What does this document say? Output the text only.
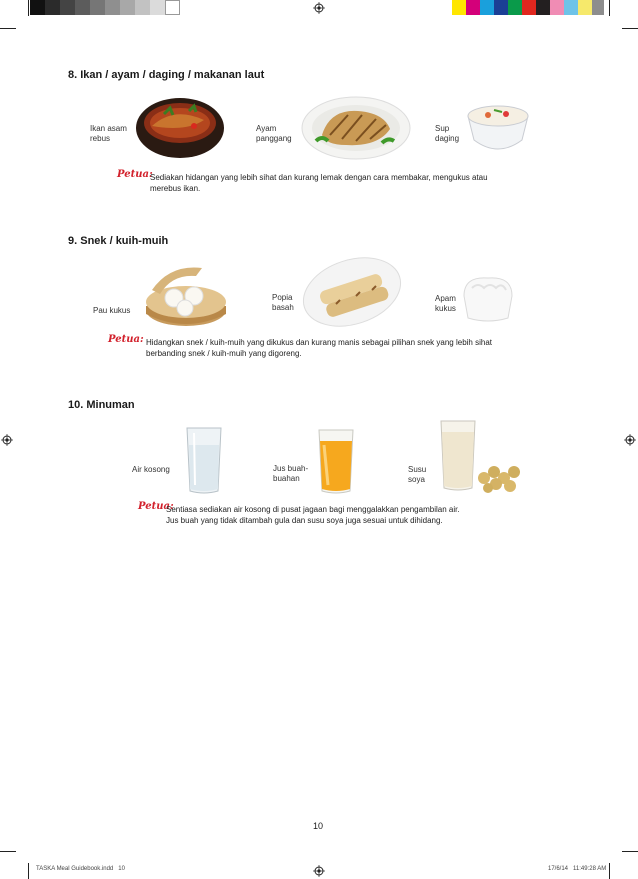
8. Ikan / ayam / daging / makanan laut
Ikan asam
rebus
Ayam
panggang
Sup
daging
Petua:
Sediakan hidangan yang lebih sihat dan kurang lemak dengan cara membakar, mengukus atau
merebus ikan.
9. Snek / kuih-muih
Pau kukus
Popia
basah
Apam
kukus
Petua: Hidangkan snek / kuih-muih yang dikukus dan kurang manis sebagai pilihan snek yang lebih sihat
berbanding snek / kuih-muih yang digoreng.
10. Minuman
Air kosong	Jus buah-
buahan
Susu
soya
Petua:
Sentiasa sediakan air kosong di pusat jagaan bagi menggalakkan pengambilan air.
Jus buah yang tidak ditambah gula dan susu soya juga sesuai untuk dihidang.
10
TASKA Meal Guidebook.indd   10	17/6/14   11:49:28 AM
